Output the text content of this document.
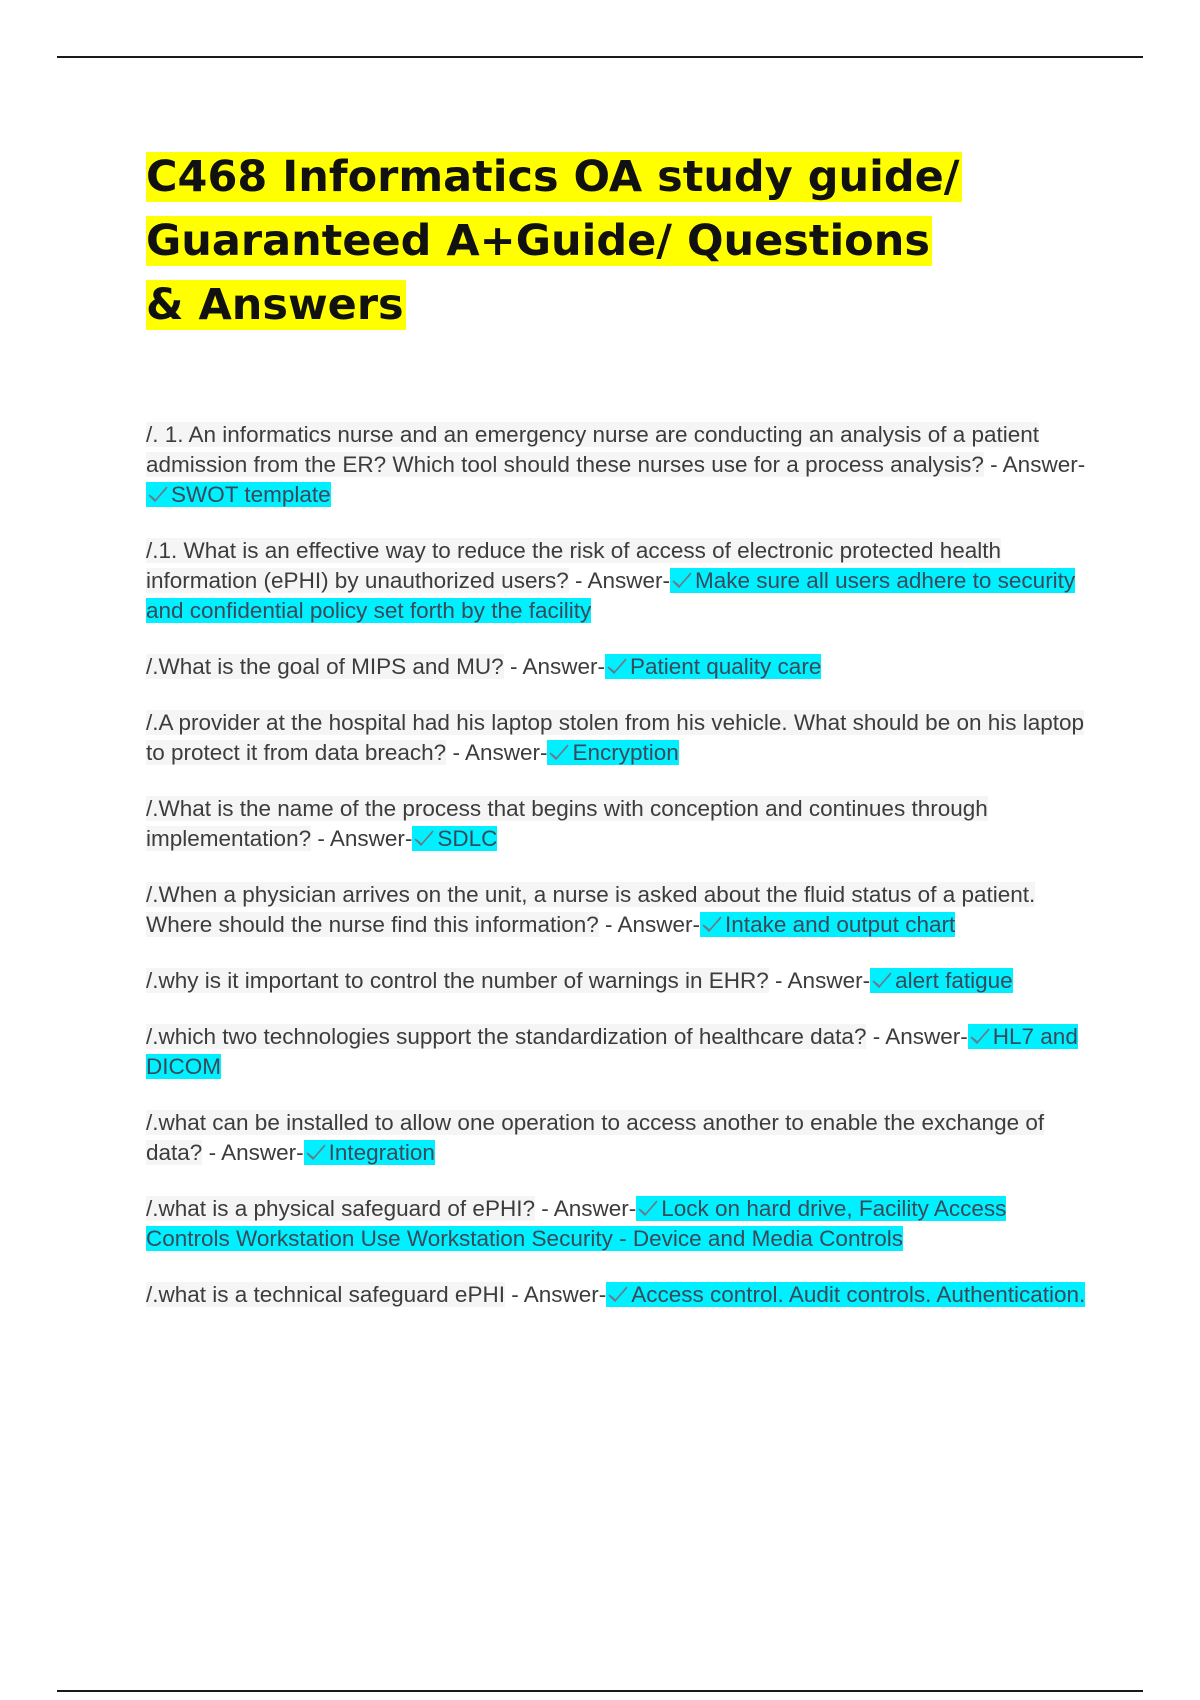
C468 Informatics OA study guide/ Guaranteed A+Guide/ Questions & Answers
/. 1. An informatics nurse and an emergency nurse are conducting an analysis of a patient admission from the ER? Which tool should these nurses use for a process analysis? - Answer-SWOT template
/.1. What is an effective way to reduce the risk of access of electronic protected health information (ePHI) by unauthorized users? - Answer- Make sure all users adhere to security and confidential policy set forth by the facility
/.What is the goal of MIPS and MU? - Answer- Patient quality care
/.A provider at the hospital had his laptop stolen from his vehicle. What should be on his laptop to protect it from data breach? - Answer- Encryption
/.What is the name of the process that begins with conception and continues through implementation? - Answer- SDLC
/.When a physician arrives on the unit, a nurse is asked about the fluid status of a patient. Where should the nurse find this information? - Answer- Intake and output chart
/.why is it important to control the number of warnings in EHR? - Answer- alert fatigue
/.which two technologies support the standardization of healthcare data? - Answer- HL7 and DICOM
/.what can be installed to allow one operation to access another to enable the exchange of data? - Answer- Integration
/.what is a physical safeguard of ePHI? - Answer- Lock on hard drive, Facility Access Controls Workstation Use Workstation Security - Device and Media Controls
/.what is a technical safeguard ePHI - Answer- Access control. Audit controls. Authentication.
